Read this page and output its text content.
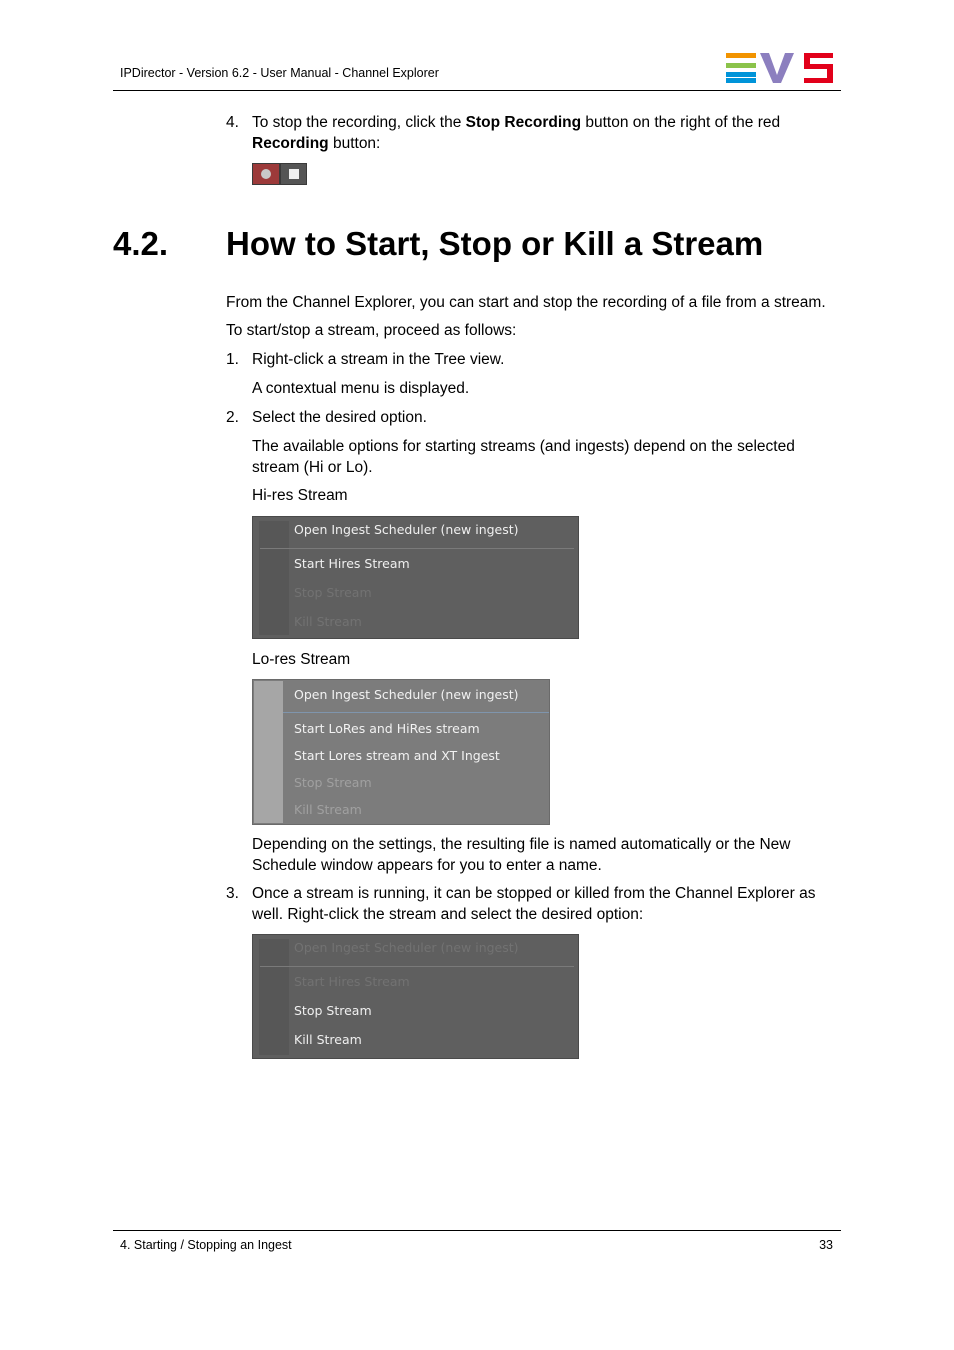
IPDirector - Version 6.2 - User Manual - Channel Explorer
4. To stop the recording, click the Stop Recording button on the right of the red
Recording button:
4.2. How to Start, Stop or Kill a Stream
From the Channel Explorer, you can start and stop the recording of a file from a stream.
To start/stop a stream, proceed as follows:
1. Right-click a stream in the Tree view.
A contextual menu is displayed.
2. Select the desired option.
The available options for starting streams (and ingests) depend on the selected
stream (Hi or Lo).
Hi-res Stream
Open Ingest Scheduler (new ingest)
Start Hires Stream
Stop Stream
Kill Stream
Lo-res Stream
Open Ingest Scheduler (new ingest)
Start LoRes and HiRes stream
Start Lores stream and XT Ingest
Stop Stream
Kill Stream
Depending on the settings, the resulting file is named automatically or the New
Schedule window appears for you to enter a name.
3. Once a stream is running, it can be stopped or killed from the Channel Explorer as
well. Right-click the stream and select the desired option:
Open Ingest Scheduler (new ingest)
Start Hires Stream
Stop Stream
Kill Stream
4. Starting / Stopping an Ingest	33
